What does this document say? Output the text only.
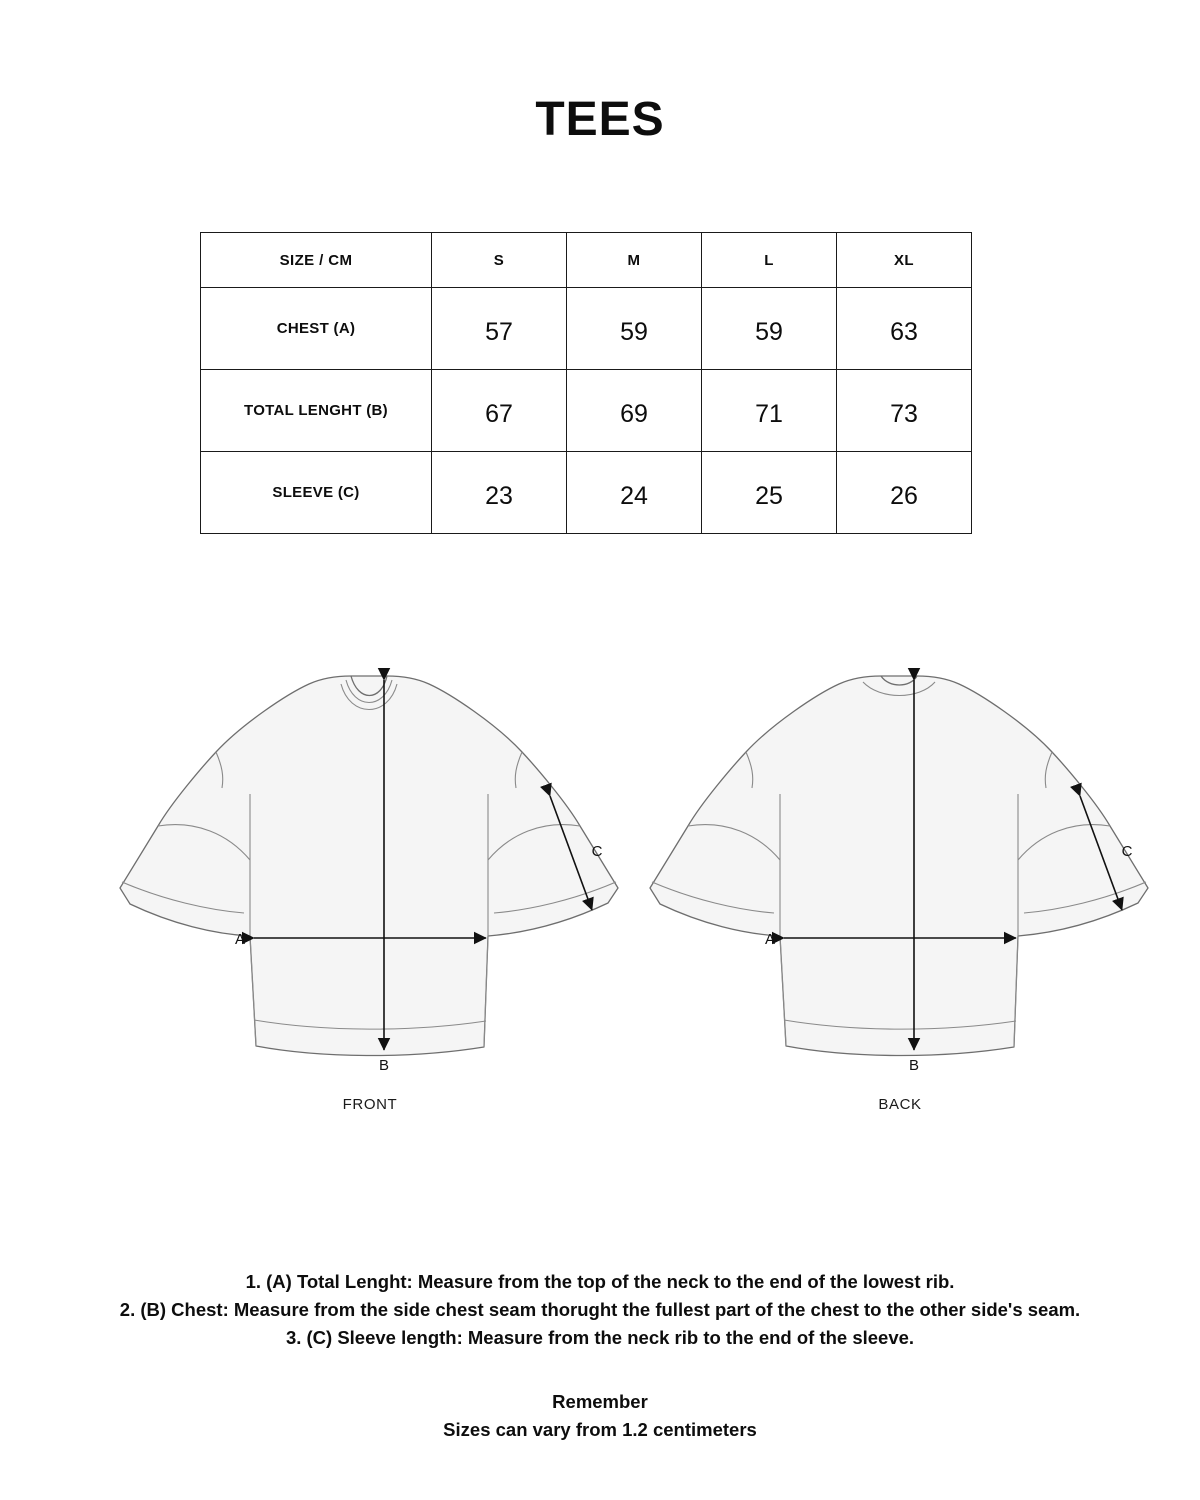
TEES
SIZE / CM	S	M	L	XL
CHEST (A)	57	59	59	63
TOTAL LENGHT (B)	67	69	71	73
SLEEVE (C)	23	24	25	26
B
A
C
FRONT
B
A
C
BACK
1. (A) Total Lenght: Measure from the top of the neck to the end of the lowest rib.
2. (B) Chest: Measure from the side chest seam thorught the fullest part of the chest to the other side's seam.
3. (C) Sleeve length: Measure from the neck rib to the end of the sleeve.
Remember
Sizes can vary from 1.2 centimeters
